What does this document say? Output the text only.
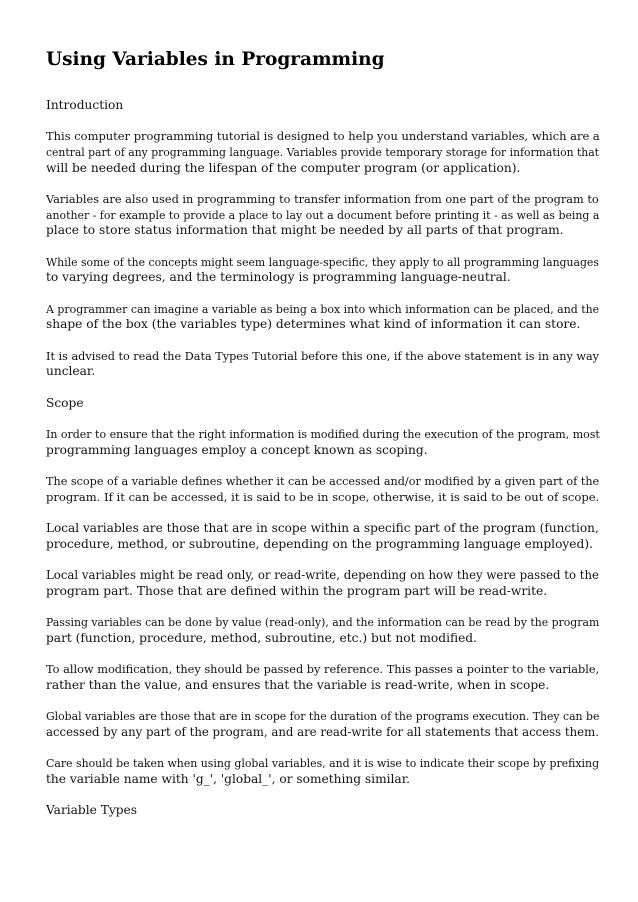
Using Variables in Programming

Introduction

This computer programming tutorial is designed to help you understand variables, which are a
central part of any programming language. Variables provide temporary storage for information that
will be needed during the lifespan of the computer program (or application).

Variables are also used in programming to transfer information from one part of the program to
another - for example to provide a place to lay out a document before printing it - as well as being a
place to store status information that might be needed by all parts of that program.

While some of the concepts might seem language-specific, they apply to all programming languages
to varying degrees, and the terminology is programming language-neutral.

A programmer can imagine a variable as being a box into which information can be placed, and the
shape of the box (the variables type) determines what kind of information it can store.

It is advised to read the Data Types Tutorial before this one, if the above statement is in any way
unclear.

Scope

In order to ensure that the right information is modified during the execution of the program, most
programming languages employ a concept known as scoping.

The scope of a variable defines whether it can be accessed and/or modified by a given part of the
program. If it can be accessed, it is said to be in scope, otherwise, it is said to be out of scope.

Local variables are those that are in scope within a specific part of the program (function,
procedure, method, or subroutine, depending on the programming language employed).

Local variables might be read only, or read-write, depending on how they were passed to the
program part. Those that are defined within the program part will be read-write.

Passing variables can be done by value (read-only), and the information can be read by the program
part (function, procedure, method, subroutine, etc.) but not modified.

To allow modification, they should be passed by reference. This passes a pointer to the variable,
rather than the value, and ensures that the variable is read-write, when in scope.

Global variables are those that are in scope for the duration of the programs execution. They can be
accessed by any part of the program, and are read-write for all statements that access them.

Care should be taken when using global variables, and it is wise to indicate their scope by prefixing
the variable name with 'g_', 'global_', or something similar.

Variable Types
